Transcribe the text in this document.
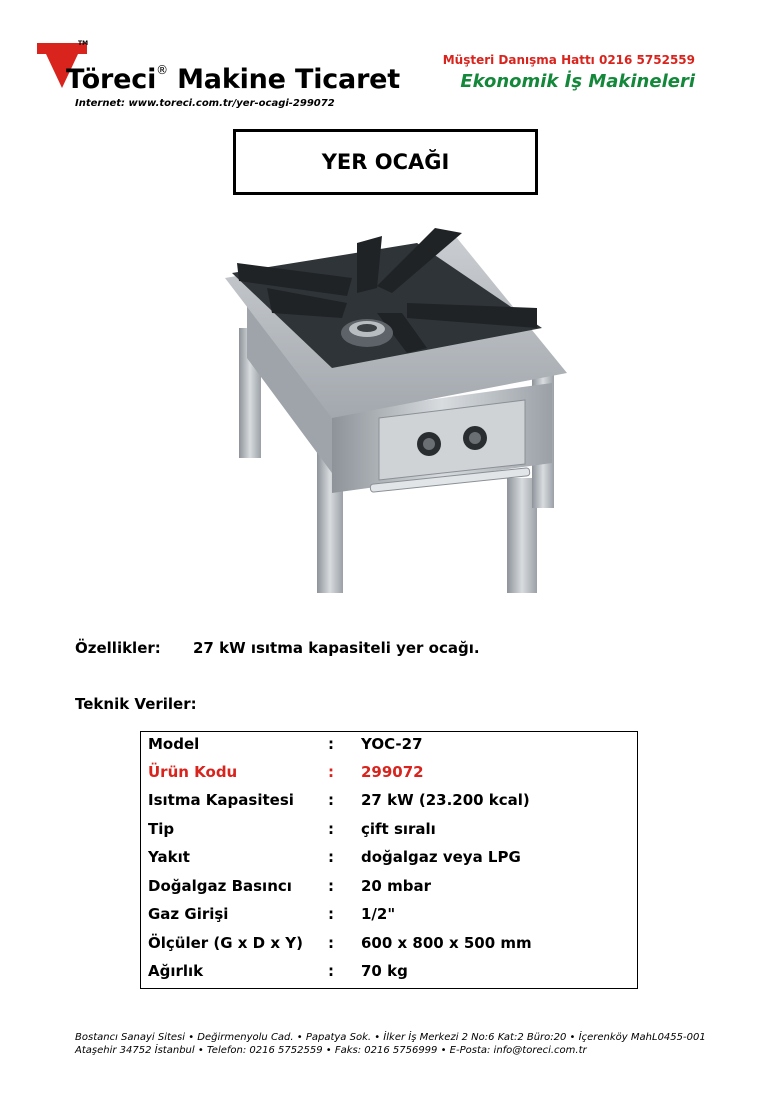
TM
Töreci® Makine Ticaret
Internet: www.toreci.com.tr/yer-ocagi-299072
Müşteri Danışma Hattı 0216 5752559
Ekonomik İş Makineleri
YER OCAĞI
Özellikler: 27 kW ısıtma kapasiteli yer ocağı.
Teknik Veriler:
Model	: YOC-27
Ürün Kodu	: 299072
Isıtma Kapasitesi : 27 kW (23.200 kcal)
Tip	: çift sıralı
Yakıt	: doğalgaz veya LPG
Doğalgaz Basıncı : 20 mbar
Gaz Girişi	: 1/2"
Ölçüler (G x D x Y) : 600 x 800 x 500 mm
Ağırlık	: 70 kg
Bostancı Sanayi Sitesi • Değirmenyolu Cad. • Papatya Sok. • İlker İş Merkezi 2 No:6 Kat:2 Büro:20 • İçerenköy Mah.
Ataşehir 34752 İstanbul • Telefon: 0216 5752559 • Faks: 0216 5756999 • E-Posta: info@toreci.com.tr
L0455-001
